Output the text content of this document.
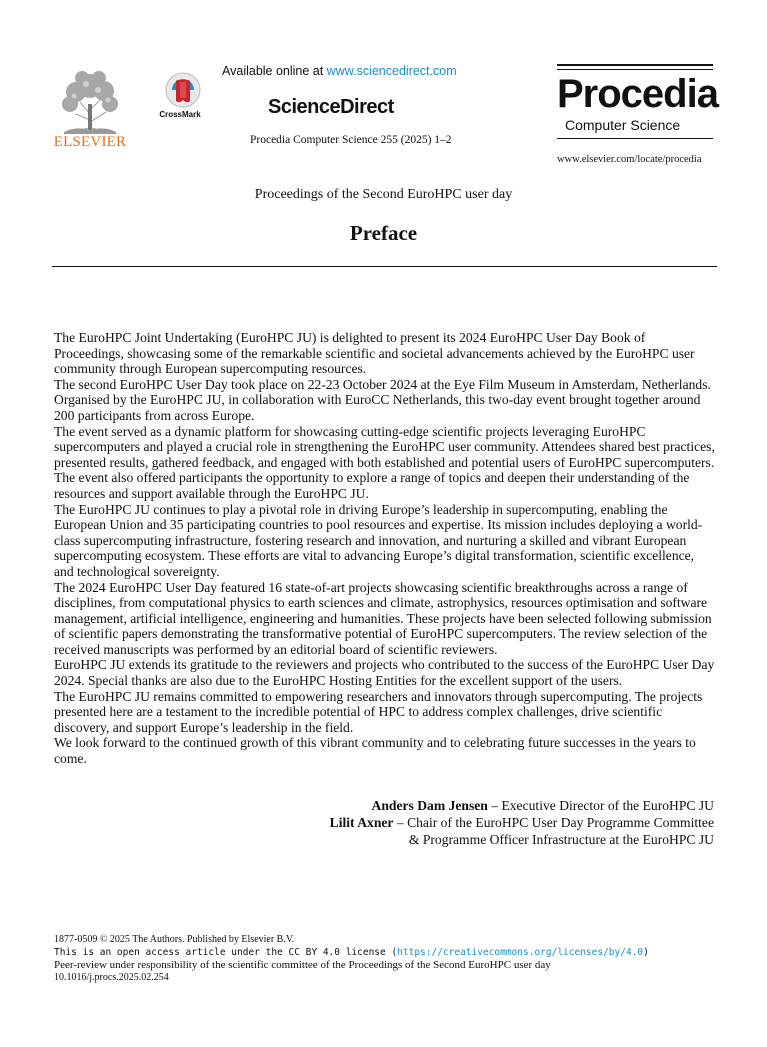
ELSEVIER
CrossMark
Available online at www.sciencedirect.com
ScienceDirect
Procedia Computer Science 255 (2025) 1–2
Procedia
Computer Science
www.elsevier.com/locate/procedia
Proceedings of the Second EuroHPC user day
Preface

The EuroHPC Joint Undertaking (EuroHPC JU) is delighted to present its 2024 EuroHPC User Day Book of Proceedings, showcasing some of the remarkable scientific and societal advancements achieved by the EuroHPC user community through European supercomputing resources.

The second EuroHPC User Day took place on 22-23 October 2024 at the Eye Film Museum in Amsterdam, Netherlands. Organised by the EuroHPC JU, in collaboration with EuroCC Netherlands, this two-day event brought together around 200 participants from across Europe.

The event served as a dynamic platform for showcasing cutting-edge scientific projects leveraging EuroHPC supercomputers and played a crucial role in strengthening the EuroHPC user community. Attendees shared best practices, presented results, gathered feedback, and engaged with both established and potential users of EuroHPC supercomputers. The event also offered participants the opportunity to explore a range of topics and deepen their understanding of the resources and support available through the EuroHPC JU.

The EuroHPC JU continues to play a pivotal role in driving Europe’s leadership in supercomputing, enabling the European Union and 35 participating countries to pool resources and expertise. Its mission includes deploying a world-class supercomputing infrastructure, fostering research and innovation, and nurturing a skilled and vibrant European supercomputing ecosystem. These efforts are vital to advancing Europe’s digital transformation, scientific excellence, and technological sovereignty.

The 2024 EuroHPC User Day featured 16 state-of-art projects showcasing scientific breakthroughs across a range of disciplines, from computational physics to earth sciences and climate, astrophysics, resources optimisation and software management, artificial intelligence, engineering and humanities. These projects have been selected following submission of scientific papers demonstrating the transformative potential of EuroHPC supercomputers. The review selection of the received manuscripts was performed by an editorial board of scientific reviewers.

EuroHPC JU extends its gratitude to the reviewers and projects who contributed to the success of the EuroHPC User Day 2024. Special thanks are also due to the EuroHPC Hosting Entities for the excellent support of the users.

The EuroHPC JU remains committed to empowering researchers and innovators through supercomputing. The projects presented here are a testament to the incredible potential of HPC to address complex challenges, drive scientific discovery, and support Europe’s leadership in the field.

We look forward to the continued growth of this vibrant community and to celebrating future successes in the years to come.

Anders Dam Jensen – Executive Director of the EuroHPC JU
Lilit Axner – Chair of the EuroHPC User Day Programme Committee
& Programme Officer Infrastructure at the EuroHPC JU
1877-0509 © 2025 The Authors. Published by Elsevier B.V.
This is an open access article under the CC BY 4.0 license (https://creativecommons.org/licenses/by/4.0)
Peer-review under responsibility of the scientific committee of the Proceedings of the Second EuroHPC user day
10.1016/j.procs.2025.02.254
